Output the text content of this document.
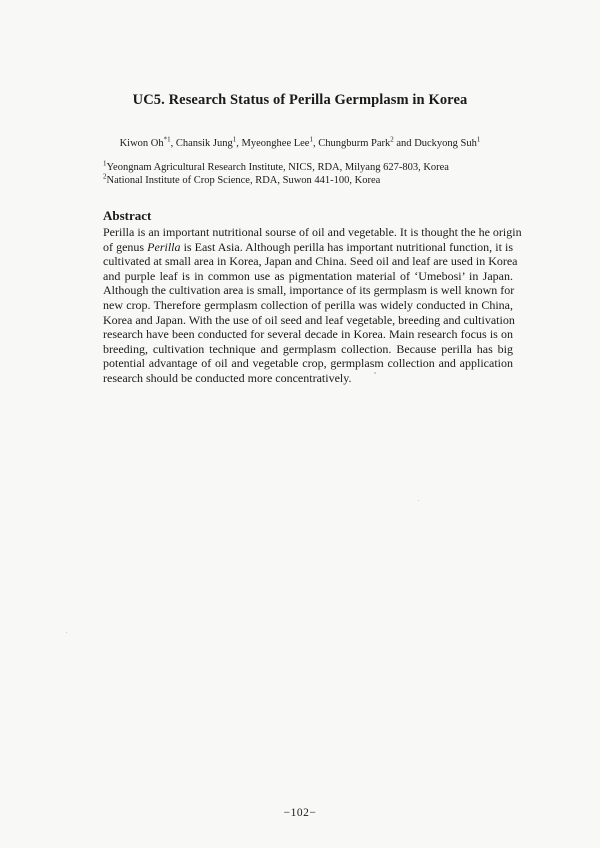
UC5. Research Status of Perilla Germplasm in Korea
Kiwon Oh$^{*1}$, Chansik Jung$^1$, Myeonghee Lee$^1$, Chungburm Park$^2$ and Duckyong Suh$^1$
$^1$Yeongnam Agricultural Research Institute, NICS, RDA, Milyang 627-803, Korea
$^2$National Institute of Crop Science, RDA, Suwon 441-100, Korea
Abstract
Perilla is an important nutritional sourse of oil and vegetable. It is thought the he origin
of genus Perilla is East Asia. Although perilla has important nutritional function, it is
cultivated at small area in Korea, Japan and China. Seed oil and leaf are used in Korea
and purple leaf is in common use as pigmentation material of ‘Umebosi’ in Japan.
Although the cultivation area is small, importance of its germplasm is well known for
new crop. Therefore germplasm collection of perilla was widely conducted in China,
Korea and Japan. With the use of oil seed and leaf vegetable, breeding and cultivation
research have been conducted for several decade in Korea. Main research focus is on
breeding, cultivation technique and germplasm collection. Because perilla has big
potential advantage of oil and vegetable crop, germplasm collection and application
research should be conducted more concentratively.
−102−
